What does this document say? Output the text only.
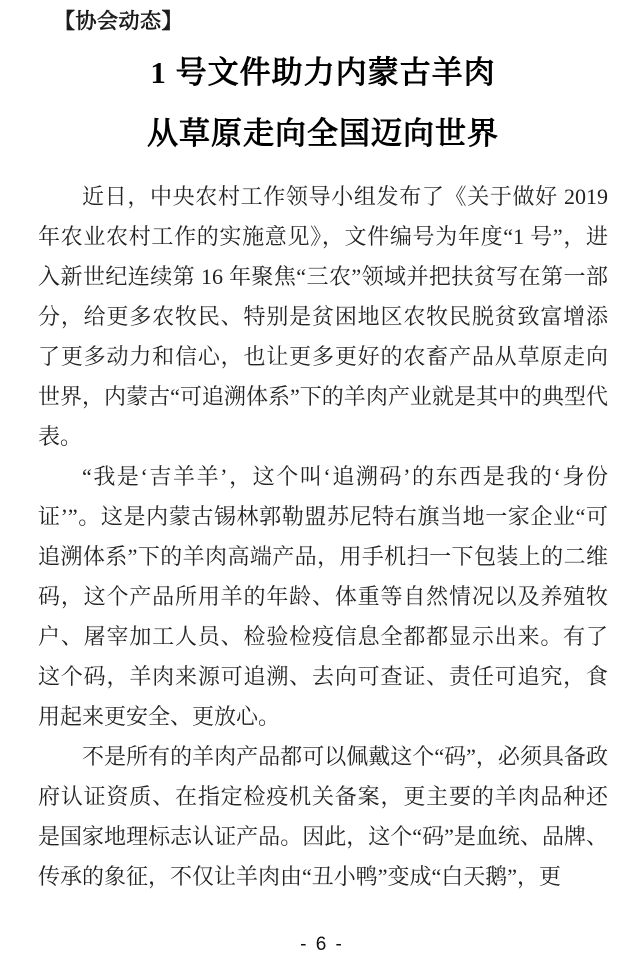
【协会动态】
1 号文件助力内蒙古羊肉
从草原走向全国迈向世界

近日，中央农村工作领导小组发布了《关于做好 2019 年农业农村工作的实施意见》，文件编号为年度“1 号”，进入新世纪连续第 16 年聚焦“三农”领域并把扶贫写在第一部分，给更多农牧民、特别是贫困地区农牧民脱贫致富增添了更多动力和信心，也让更多更好的农畜产品从草原走向世界，内蒙古“可追溯体系”下的羊肉产业就是其中的典型代表。

“我是‘吉羊羊’，这个叫‘追溯码’的东西是我的‘身份证’”。这是内蒙古锡林郭勒盟苏尼特右旗当地一家企业“可追溯体系”下的羊肉高端产品，用手机扫一下包装上的二维码，这个产品所用羊的年龄、体重等自然情况以及养殖牧户、屠宰加工人员、检验检疫信息全都都显示出来。有了这个码，羊肉来源可追溯、去向可查证、责任可追究，食用起来更安全、更放心。

不是所有的羊肉产品都可以佩戴这个“码”，必须具备政府认证资质、在指定检疫机关备案，更主要的羊肉品种还是国家地理标志认证产品。因此，这个“码”是血统、品牌、传承的象征，不仅让羊肉由“丑小鸭”变成“白天鹅”，更

- 6 -
